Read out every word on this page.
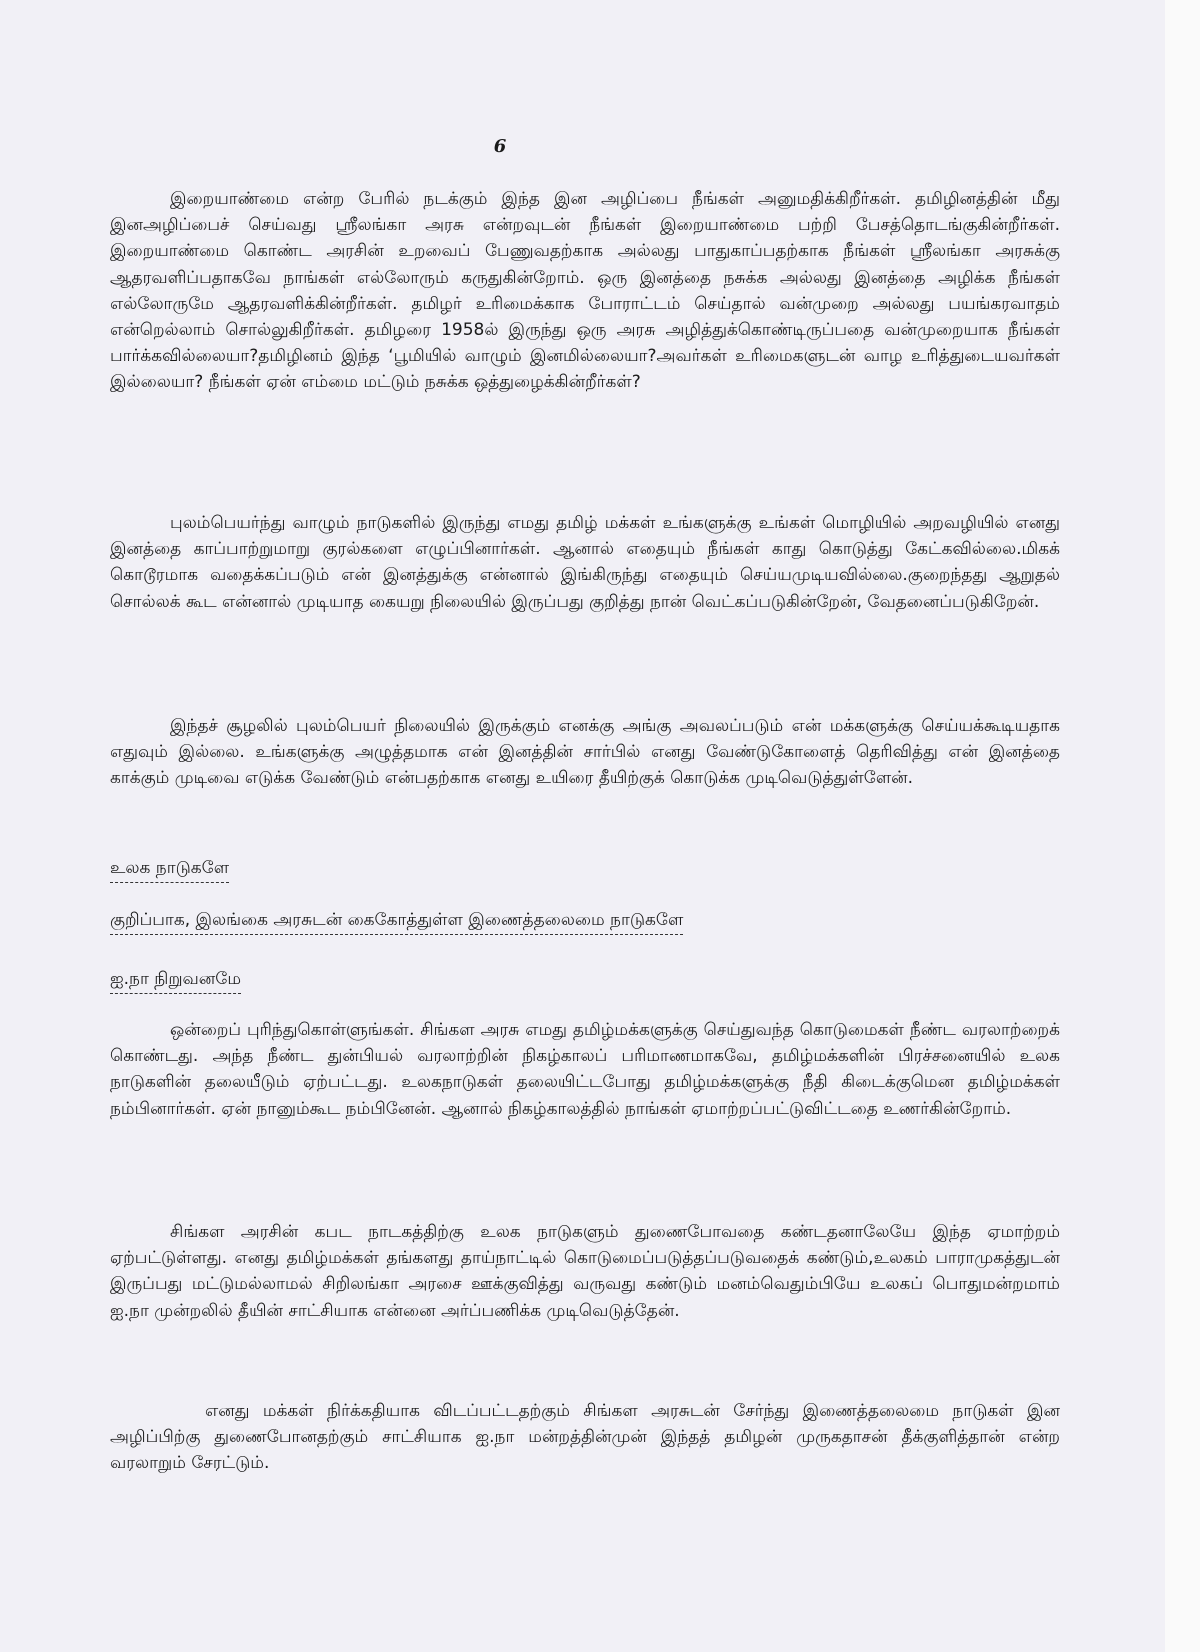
6

இறையாண்மை என்ற பேரில் நடக்கும் இந்த இன அழிப்பை நீங்கள் அனுமதிக்கிறீர்கள். தமிழினத்தின் மீது இனஅழிப்பைச் செய்வது ஸ்ரீலங்கா அரசு என்றவுடன் நீங்கள் இறையாண்மை பற்றி பேசத்தொடங்குகின்றீர்கள். இறையாண்மை கொண்ட அரசின் உறவைப் பேணுவதற்காக அல்லது பாதுகாப்பதற்காக நீங்கள் ஸ்ரீலங்கா அரசுக்கு ஆதரவளிப்பதாகவே நாங்கள் எல்லோரும் கருதுகின்றோம். ஒரு இனத்தை நசுக்க அல்லது இனத்தை அழிக்க நீங்கள் எல்லோருமே ஆதரவளிக்கின்றீர்கள். தமிழர் உரிமைக்காக போராட்டம் செய்தால் வன்முறை அல்லது பயங்கரவாதம் என்றெல்லாம் சொல்லுகிறீர்கள். தமிழரை 1958ல் இருந்து ஒரு அரசு அழித்துக்கொண்டிருப்பதை வன்முறையாக நீங்கள் பார்க்கவில்லையா?தமிழினம் இந்த ‘பூமியில் வாழும் இனமில்லையா?அவர்கள் உரிமைகளுடன் வாழ உரித்துடையவர்கள் இல்லையா? நீங்கள் ஏன் எம்மை மட்டும் நசுக்க ஒத்துழைக்கின்றீர்கள்?

புலம்பெயர்ந்து வாழும் நாடுகளில் இருந்து எமது தமிழ் மக்கள் உங்களுக்கு உங்கள் மொழியில் அறவழியில் எனது இனத்தை காப்பாற்றுமாறு குரல்களை எழுப்பினார்கள். ஆனால் எதையும் நீங்கள் காது கொடுத்து கேட்கவில்லை.மிகக் கொடூரமாக வதைக்கப்படும் என் இனத்துக்கு என்னால் இங்கிருந்து எதையும் செய்யமுடியவில்லை.குறைந்தது ஆறுதல் சொல்லக் கூட என்னால் முடியாத கையறு நிலையில் இருப்பது குறித்து நான் வெட்கப்படுகின்றேன், வேதனைப்படுகிறேன்.

இந்தச் சூழலில் புலம்பெயர் நிலையில் இருக்கும் எனக்கு அங்கு அவலப்படும் என் மக்களுக்கு செய்யக்கூடியதாக எதுவும் இல்லை. உங்களுக்கு அழுத்தமாக என் இனத்தின் சார்பில் எனது வேண்டுகோளைத் தெரிவித்து என் இனத்தை காக்கும் முடிவை எடுக்க வேண்டும் என்பதற்காக எனது உயிரை தீயிற்குக் கொடுக்க முடிவெடுத்துள்ளேன்.

உலக நாடுகளே
குறிப்பாக, இலங்கை அரசுடன் கைகோத்துள்ள இணைத்தலைமை நாடுகளே
ஐ.நா நிறுவனமே

ஒன்றைப் புரிந்துகொள்ளுங்கள். சிங்கள அரசு எமது தமிழ்மக்களுக்கு செய்துவந்த கொடுமைகள் நீண்ட வரலாற்றைக் கொண்டது. அந்த நீண்ட துன்பியல் வரலாற்றின் நிகழ்காலப் பரிமாணமாகவே, தமிழ்மக்களின் பிரச்சனையில் உலக நாடுகளின் தலையீடும் ஏற்பட்டது. உலகநாடுகள் தலையிட்டபோது தமிழ்மக்களுக்கு நீதி கிடைக்குமென தமிழ்மக்கள் நம்பினார்கள். ஏன் நானும்கூட நம்பினேன். ஆனால் நிகழ்காலத்தில் நாங்கள் ஏமாற்றப்பட்டுவிட்டதை உணர்கின்றோம்.

சிங்கள அரசின் கபட நாடகத்திற்கு உலக நாடுகளும் துணைபோவதை கண்டதனாலேயே இந்த ஏமாற்றம் ஏற்பட்டுள்ளது. எனது தமிழ்மக்கள் தங்களது தாய்நாட்டில் கொடுமைப்படுத்தப்படுவதைக் கண்டும்,உலகம் பாராமுகத்துடன் இருப்பது மட்டுமல்லாமல் சிறிலங்கா அரசை ஊக்குவித்து வருவது கண்டும் மனம்வெதும்பியே உலகப் பொதுமன்றமாம் ஐ.நா முன்றலில் தீயின் சாட்சியாக என்னை அர்ப்பணிக்க முடிவெடுத்தேன்.

எனது மக்கள் நிர்க்கதியாக விடப்பட்டதற்கும் சிங்கள அரசுடன் சேர்ந்து இணைத்தலைமை நாடுகள் இன அழிப்பிற்கு துணைபோனதற்கும் சாட்சியாக ஐ.நா மன்றத்தின்முன் இந்தத் தமிழன் முருகதாசன் தீக்குளித்தான் என்ற வரலாறும் சேரட்டும்.
